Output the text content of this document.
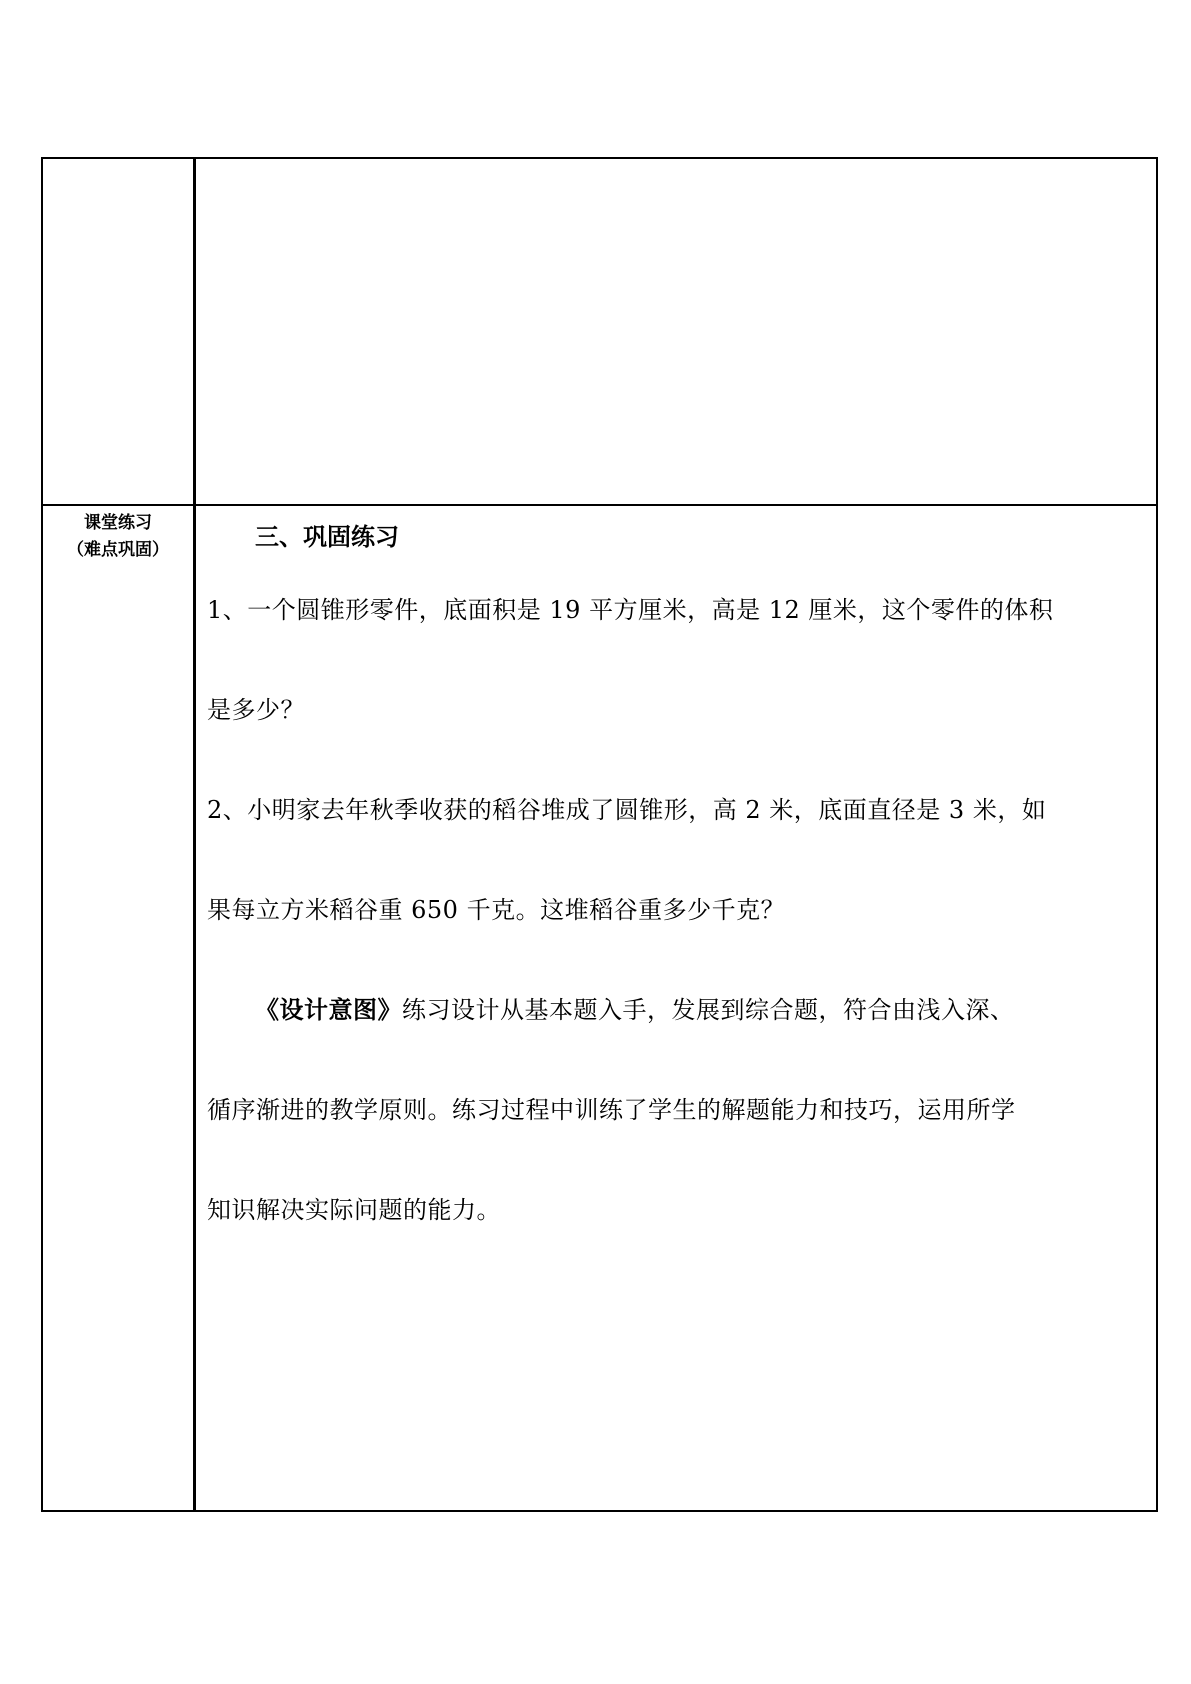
课堂练习
（难点巩固）	三、巩固练习

1、一个圆锥形零件，底面积是 19 平方厘米，高是 12 厘米，这个零件的体积
是多少？

2、小明家去年秋季收获的稻谷堆成了圆锥形，高 2 米，底面直径是 3 米，如
果每立方米稻谷重 650 千克。这堆稻谷重多少千克？

《设计意图》练习设计从基本题入手，发展到综合题，符合由浅入深、
循序渐进的教学原则。练习过程中训练了学生的解题能力和技巧，运用所学
知识解决实际问题的能力。
